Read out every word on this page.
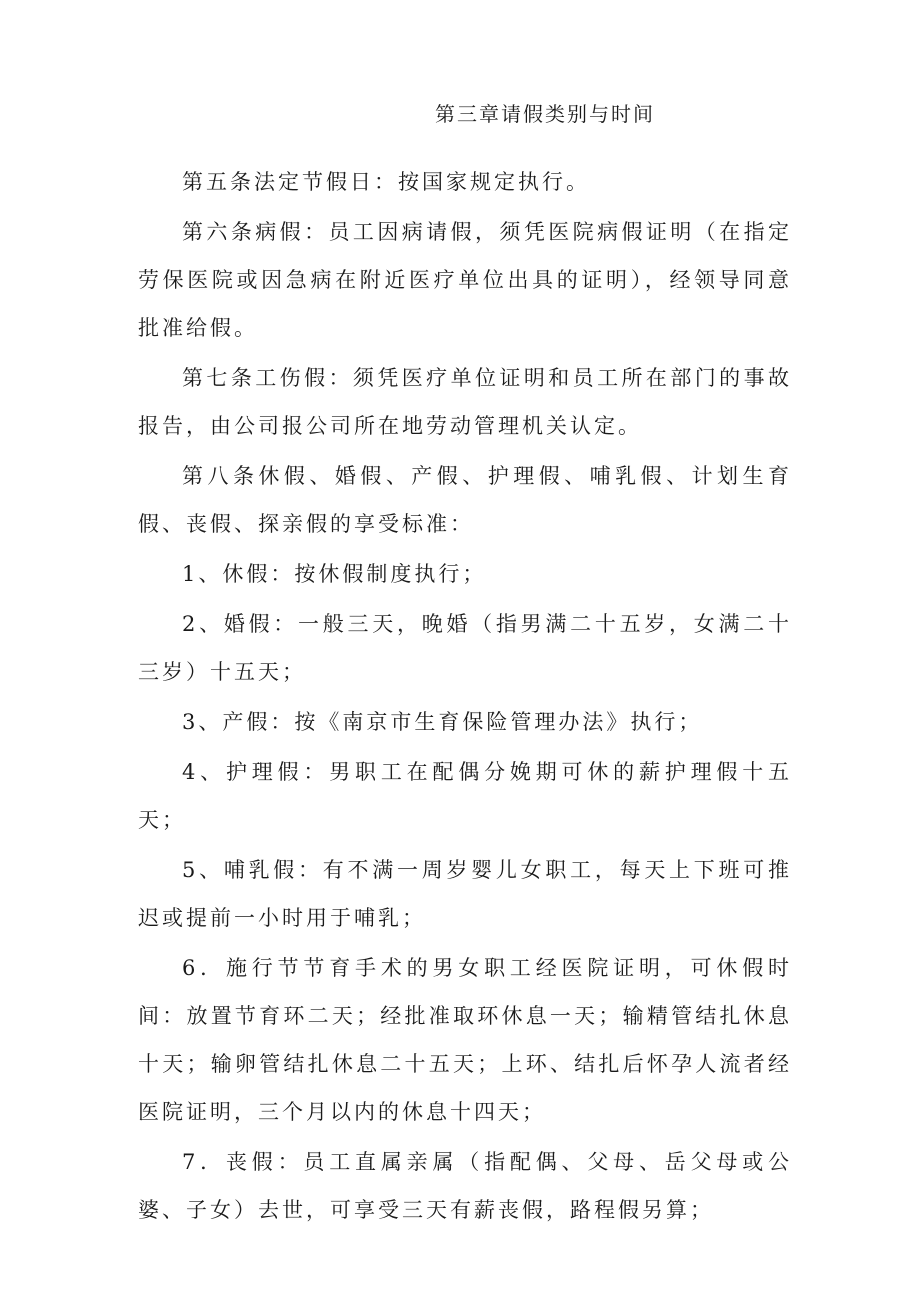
第三章请假类别与时间

第五条法定节假日：按国家规定执行。

第六条病假：员工因病请假，须凭医院病假证明（在指定劳保医院或因急病在附近医疗单位出具的证明），经领导同意批准给假。

第七条工伤假：须凭医疗单位证明和员工所在部门的事故报告，由公司报公司所在地劳动管理机关认定。

第八条休假、婚假、产假、护理假、哺乳假、计划生育假、丧假、探亲假的享受标准：

1、休假：按休假制度执行；

2、婚假：一般三天，晚婚（指男满二十五岁，女满二十三岁）十五天；

3、产假：按《南京市生育保险管理办法》执行；

4、护理假：男职工在配偶分娩期可休的薪护理假十五天；

5、哺乳假：有不满一周岁婴儿女职工，每天上下班可推迟或提前一小时用于哺乳；

6．施行节节育手术的男女职工经医院证明，可休假时间：放置节育环二天；经批准取环休息一天；输精管结扎休息十天；输卵管结扎休息二十五天；上环、结扎后怀孕人流者经医院证明，三个月以内的休息十四天；

7．丧假：员工直属亲属（指配偶、父母、岳父母或公婆、子女）去世，可享受三天有薪丧假，路程假另算；
